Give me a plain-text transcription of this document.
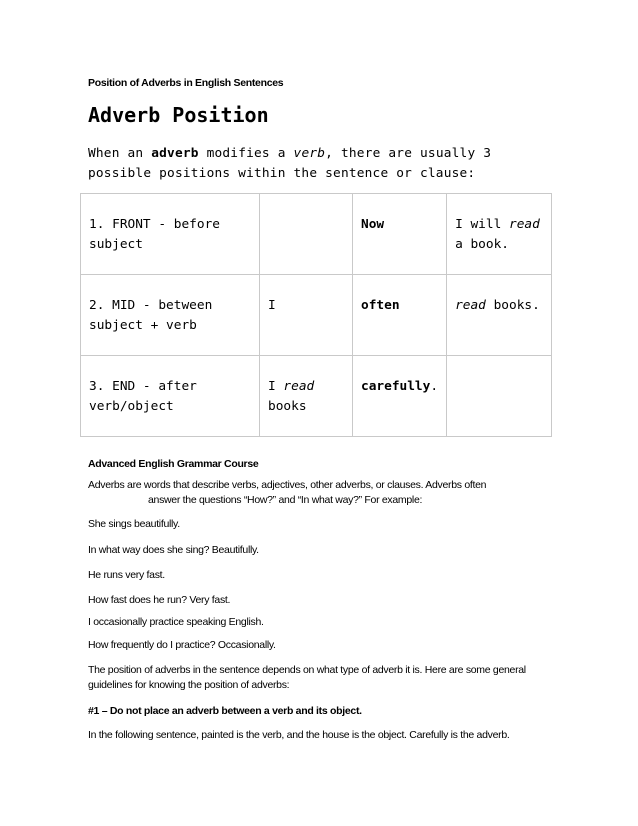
Position of Adverbs in English Sentences
Adverb Position
When an adverb modifies a verb, there are usually 3 possible positions within the sentence or clause:
1. FRONT - before subject		Now	I will read a book.
2. MID - between subject + verb	I	often	read books.
3. END - after verb/object	I read books	carefully.	
Advanced English Grammar Course
Adverbs are words that describe verbs, adjectives, other adverbs, or clauses. Adverbs often
answer the questions “How?” and “In what way?” For example:
She sings beautifully.
In what way does she sing? Beautifully.
He runs very fast.
How fast does he run? Very fast.
I occasionally practice speaking English.
How frequently do I practice? Occasionally.
The position of adverbs in the sentence depends on what type of adverb it is. Here are some general guidelines for knowing the position of adverbs:
#1 – Do not place an adverb between a verb and its object.
In the following sentence, painted is the verb, and the house is the object. Carefully is the adverb.
